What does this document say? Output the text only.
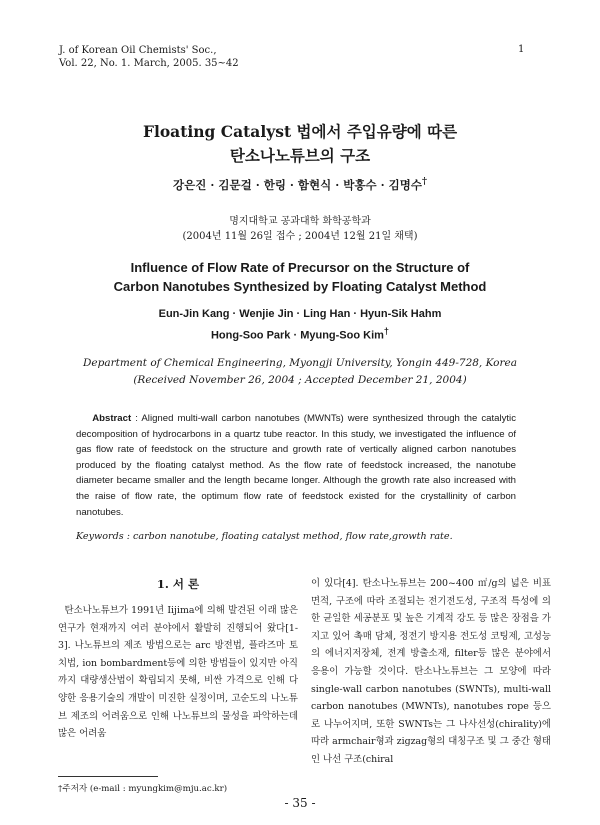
J. of Korean Oil Chemists' Soc.,
Vol. 22, No. 1. March, 2005. 35~42
1
Floating Catalyst 법에서 주입유량에 따른
탄소나노튜브의 구조
강은진 · 김문걸 · 한링 · 함현식 · 박홍수 · 김명수†
명지대학교 공과대학 화학공학과
(2004년 11월 26일 접수 ; 2004년 12월 21일 채택)
Influence of Flow Rate of Precursor on the Structure of
Carbon Nanotubes Synthesized by Floating Catalyst Method
Eun-Jin Kang · Wenjie Jin · Ling Han · Hyun-Sik Hahm
Hong-Soo Park · Myung-Soo Kim†
Department of Chemical Engineering, Myongji University, Yongin 449-728, Korea
(Received November 26, 2004 ; Accepted December 21, 2004)
Abstract : Aligned multi-wall carbon nanotubes (MWNTs) were synthesized through the catalytic decomposition of hydrocarbons in a quartz tube reactor. In this study, we investigated the influence of gas flow rate of feedstock on the structure and growth rate of vertically aligned carbon nanotubes produced by the floating catalyst method. As the flow rate of feedstock increased, the nanotube diameter became smaller and the length became longer. Although the growth rate also increased with the raise of flow rate, the optimum flow rate of feedstock existed for the crystallinity of carbon nanotubes.
Keywords : carbon nanotube, floating catalyst method, flow rate,growth rate.
1. 서 론
탄소나노튜브가 1991년 Iijima에 의해 발견된 이래 많은 연구가 현재까지 여러 분야에서 활발히 진행되어 왔다[1-3]. 나노튜브의 제조 방법으로는 arc 방전법, 플라즈마 토치법, ion bombardment등에 의한 방법들이 있지만 아직까지 대량생산법이 확립되지 못해, 비싼 가격으로 인해 다양한 응용기술의 개발이 미진한 실정이며, 고순도의 나노튜브 제조의 어려움으로 인해 나노튜브의 물성을 파악하는데 많은 어려움
이 있다[4]. 탄소나노튜브는 200~400 ㎡/g의 넓은 비표면적, 구조에 따라 조절되는 전기전도성, 구조적 특성에 의한 균일한 세공분포 및 높은 기계적 강도 등 많은 장점을 가지고 있어 촉매 담체, 정전기 방지용 전도성 코팅제, 고성능의 에너지저장체, 전계 방출소재, filter등 많은 분야에서 응용이 가능할 것이다. 탄소나노튜브는 그 모양에 따라 single-wall carbon nanotubes (SWNTs), multi-wall carbon nanotubes (MWNTs), nanotubes rope 등으로 나누어지며, 또한 SWNTs는 그 나사선성(chirality)에 따라 armchair형과 zigzag형의 대칭구조 및 그 중간 형태인 나선 구조(chiral
†주저자 (e-mail : myungkim@mju.ac.kr)
- 35 -
